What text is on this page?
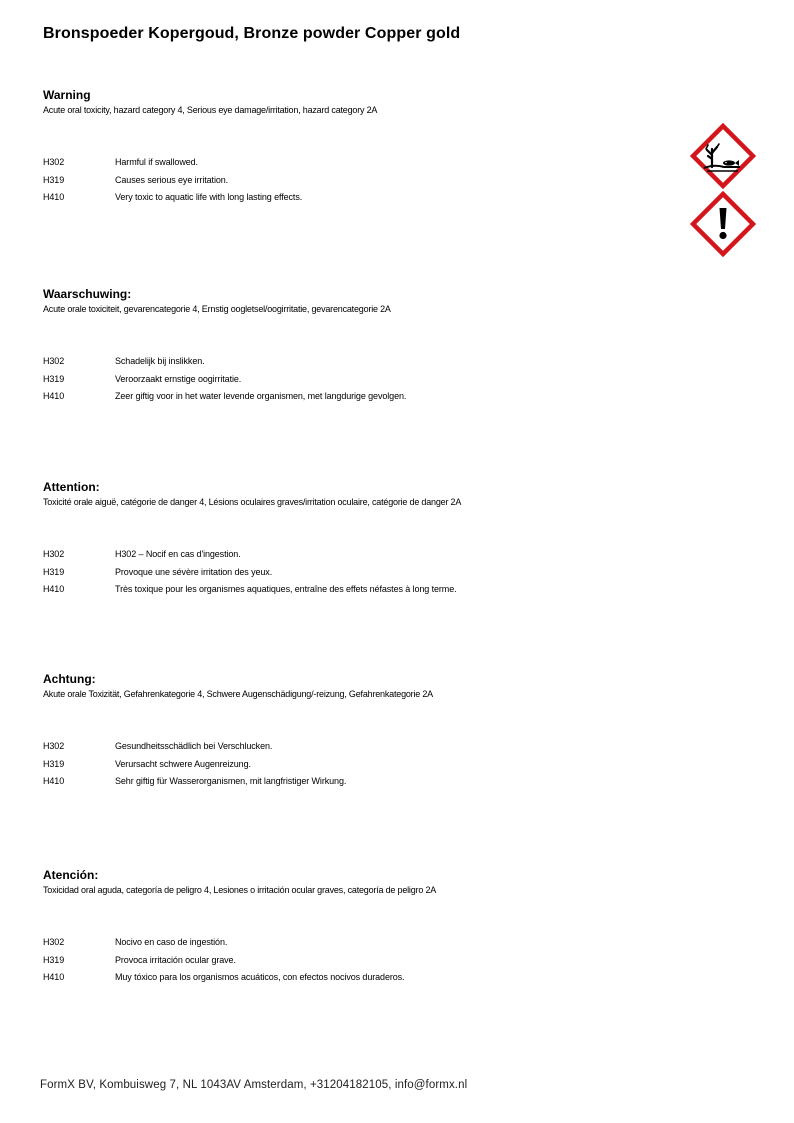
Bronspoeder Kopergoud, Bronze powder Copper gold
Warning
Acute oral toxicity, hazard category 4, Serious eye damage/irritation, hazard category 2A
H302	Harmful if swallowed.
H319	Causes serious eye irritation.
H410	Very toxic to aquatic life with long lasting effects.
Waarschuwing:
Acute orale toxiciteit, gevarencategorie 4, Ernstig oogletsel/oogirritatie, gevarencategorie 2A
H302	Schadelijk bij inslikken.
H319	Veroorzaakt ernstige oogirritatie.
H410	Zeer giftig voor in het water levende organismen, met langdurige gevolgen.
Attention:
Toxicité orale aiguë, catégorie de danger 4, Lésions oculaires graves/irritation oculaire, catégorie de danger 2A
H302	H302 – Nocif en cas d'ingestion.
H319	Provoque une sévère irritation des yeux.
H410	Très toxique pour les organismes aquatiques, entraîne des effets néfastes à long terme.
Achtung:
Akute orale Toxizität, Gefahrenkategorie 4, Schwere Augenschädigung/-reizung, Gefahrenkategorie 2A
H302	Gesundheitsschädlich bei Verschlucken.
H319	Verursacht schwere Augenreizung.
H410	Sehr giftig für Wasserorganismen, mit langfristiger Wirkung.
Atención:
Toxicidad oral aguda, categoría de peligro 4, Lesiones o irritación ocular graves, categoría de peligro 2A
H302	Nocivo en caso de ingestión.
H319	Provoca irritación ocular grave.
H410	Muy tóxico para los organismos acuáticos, con efectos nocivos duraderos.
FormX BV, Kombuisweg 7, NL 1043AV Amsterdam, +31204182105, info@formx.nl
